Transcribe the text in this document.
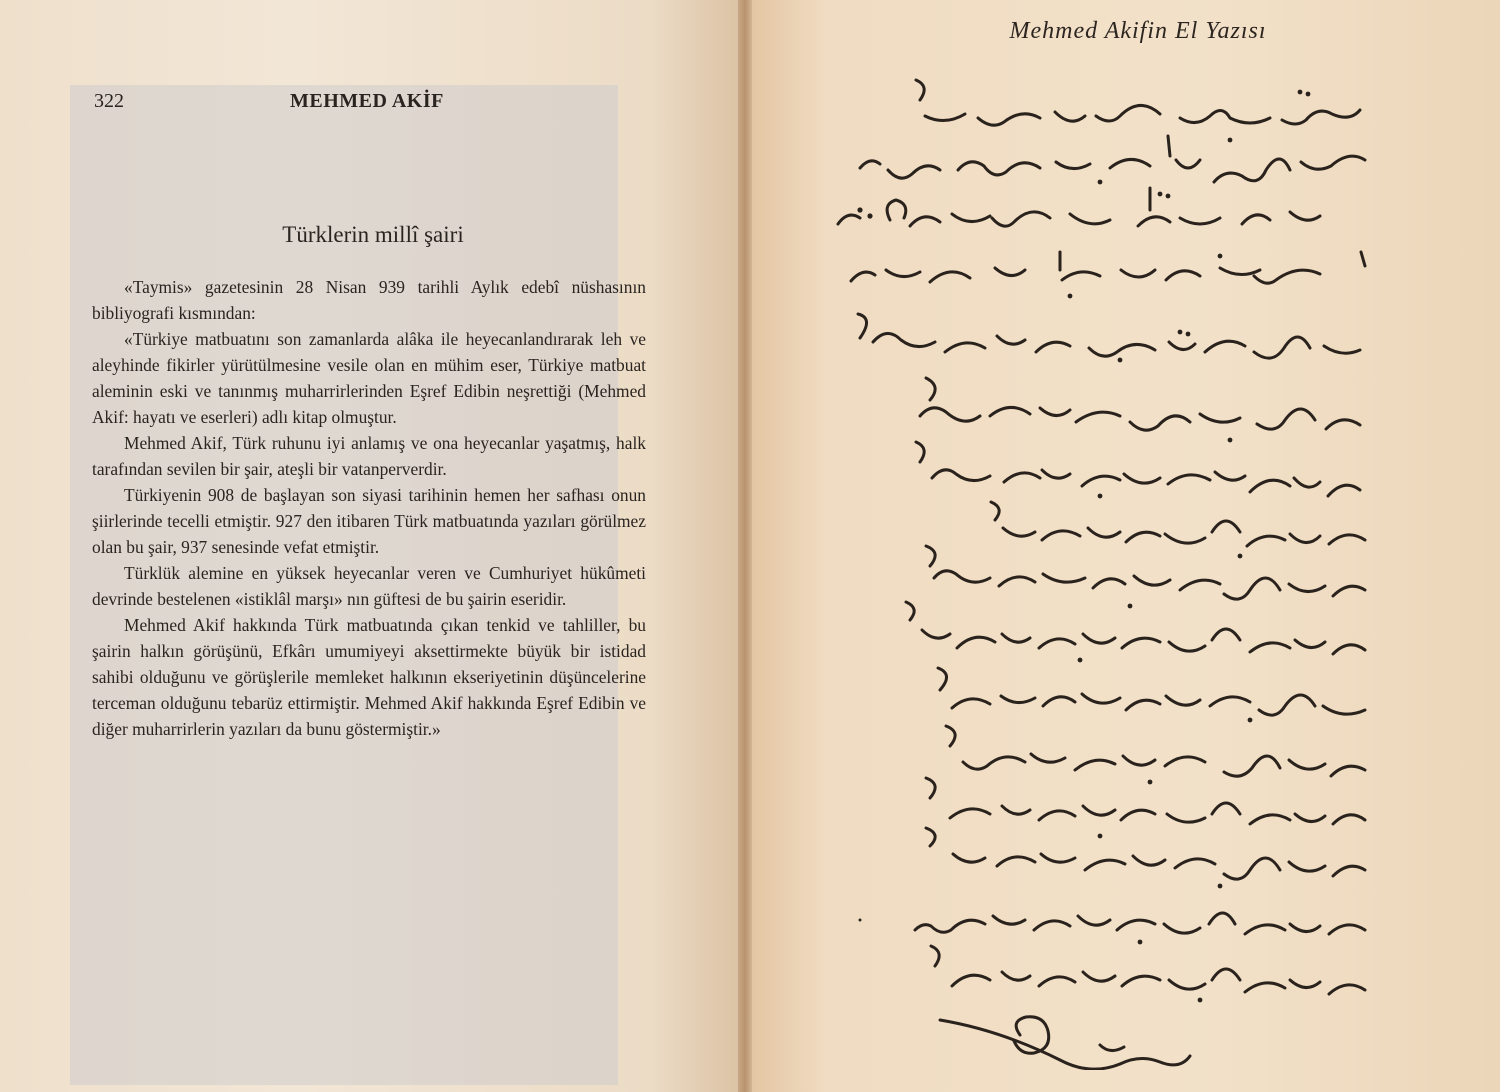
322	MEHMED AKİF
Türklerin millî şairi

«Taymis» gazetesinin 28 Nisan 939 tarihli Aylık edebî nüshasının bibliyografi kısmından:

«Türkiye matbuatını son zamanlarda alâka ile heyecanlandırarak leh ve aleyhinde fikirler yürütülmesine vesile olan en mühim eser, Türkiye matbuat aleminin eski ve tanınmış muharrirlerinden Eşref Edibin neşrettiği (Mehmed Akif: hayatı ve eserleri) adlı kitap olmuştur.

Mehmed Akif, Türk ruhunu iyi anlamış ve ona heyecanlar yaşatmış, halk tarafından sevilen bir şair, ateşli bir vatanperverdir.

Türkiyenin 908 de başlayan son siyasi tarihinin hemen her safhası onun şiirlerinde tecelli etmiştir. 927 den itibaren Türk matbuatında yazıları görülmez olan bu şair, 937 senesinde vefat etmiştir.

Türklük alemine en yüksek heyecanlar veren ve Cumhuriyet hükûmeti devrinde bestelenen «istiklâl marşı» nın güftesi de bu şairin eseridir.

Mehmed Akif hakkında Türk matbuatında çıkan tenkid ve tahliller, bu şairin halkın görüşünü, Efkârı umumiyeyi aksettirmekte büyük bir istidad sahibi olduğunu ve görüşlerile memleket halkının ekseriyetinin düşüncelerine terceman olduğunu tebarüz ettirmiştir. Mehmed Akif hakkında Eşref Edibin ve diğer muharrirlerin yazıları da bunu göstermiştir.»

Mehmed Akifin El Yazısı
